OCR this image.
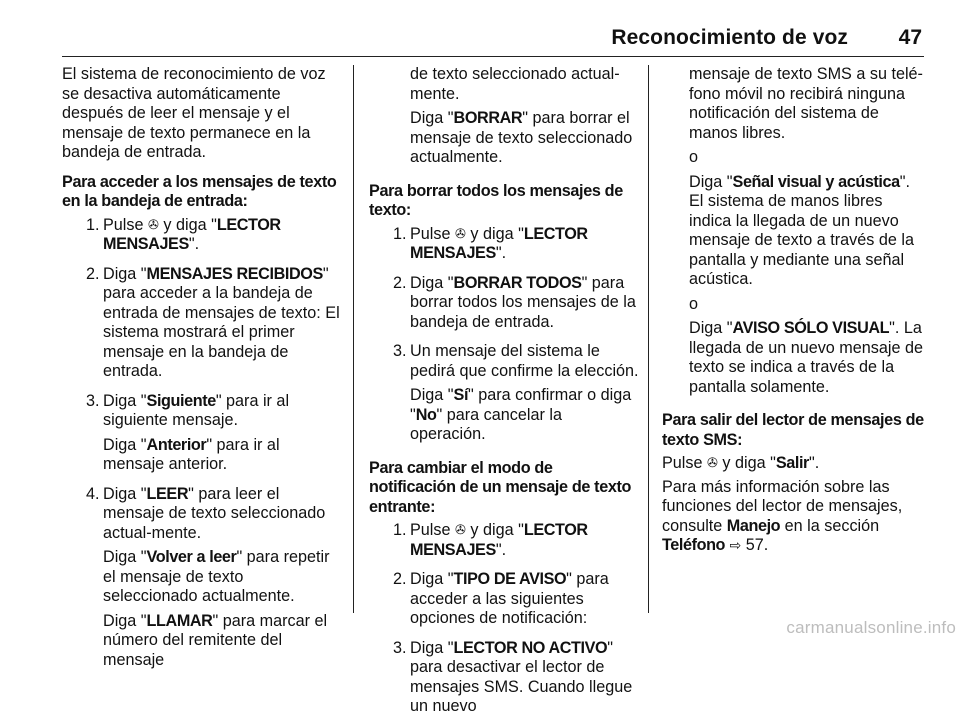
Reconocimiento de voz 47

El sistema de reconocimiento de voz se desactiva automáticamente después de leer el mensaje y el mensaje de texto permanece en la bandeja de entrada.

Para acceder a los mensajes de texto en la bandeja de entrada:
1. Pulse ✇ y diga "LECTOR MENSAJES".

2. Diga "MENSAJES RECIBIDOS" para acceder a la bandeja de entrada de mensajes de texto: El sistema mostrará el primer mensaje en la bandeja de entrada.

3. Diga "Siguiente" para ir al siguiente mensaje.

Diga "Anterior" para ir al mensaje anterior.

4. Diga "LEER" para leer el mensaje de texto seleccionado actual-mente.

Diga "Volver a leer" para repetir el mensaje de texto seleccionado actualmente.

Diga "LLAMAR" para marcar el número del remitente del mensaje

de texto seleccionado actual-mente.

Diga "BORRAR" para borrar el mensaje de texto seleccionado actualmente.

Para borrar todos los mensajes de texto:
1. Pulse ✇ y diga "LECTOR MENSAJES".

2. Diga "BORRAR TODOS" para borrar todos los mensajes de la bandeja de entrada.

3. Un mensaje del sistema le pedirá que confirme la elección.

Diga "Sí" para confirmar o diga "No" para cancelar la operación.

Para cambiar el modo de notificación de un mensaje de texto entrante:
1. Pulse ✇ y diga "LECTOR MENSAJES".

2. Diga "TIPO DE AVISO" para acceder a las siguientes opciones de notificación:

3. Diga "LECTOR NO ACTIVO" para desactivar el lector de mensajes SMS. Cuando llegue un nuevo

mensaje de texto SMS a su telé-fono móvil no recibirá ninguna notificación del sistema de manos libres.

o

Diga "Señal visual y acústica". El sistema de manos libres indica la llegada de un nuevo mensaje de texto a través de la pantalla y mediante una señal acústica.

o

Diga "AVISO SÓLO VISUAL". La llegada de un nuevo mensaje de texto se indica a través de la pantalla solamente.

Para salir del lector de mensajes de texto SMS:

Pulse ✇ y diga "Salir".

Para más información sobre las funciones del lector de mensajes, consulte Manejo en la sección Teléfono ⇨ 57.

carmanualsonline.info
